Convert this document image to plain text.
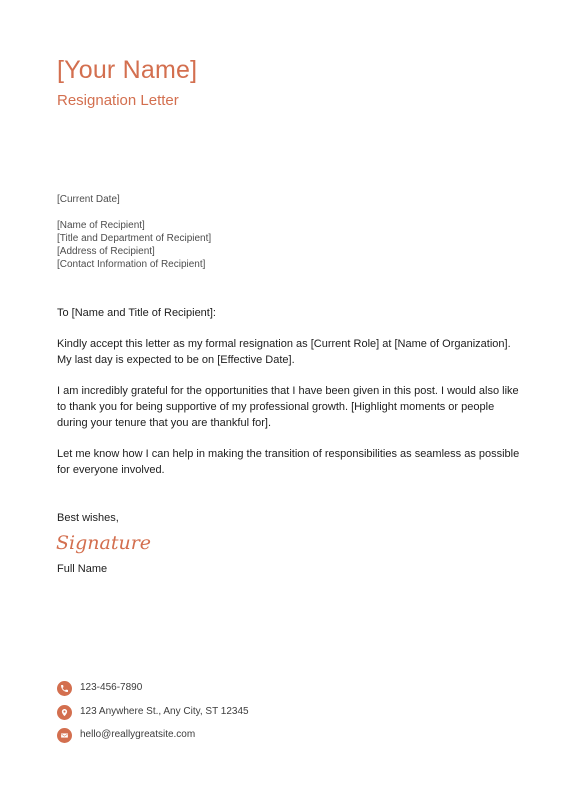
[Your Name]
Resignation Letter
[Current Date]
[Name of Recipient]
[Title and Department of Recipient]
[Address of Recipient]
[Contact Information of Recipient]
To [Name and Title of Recipient]:
Kindly accept this letter as my formal resignation as [Current Role] at [Name of Organization]. My last day is expected to be on [Effective Date].
I am incredibly grateful for the opportunities that I have been given in this post. I would also like to thank you for being supportive of my professional growth. [Highlight moments or people during your tenure that you are thankful for].
Let me know how I can help in making the transition of responsibilities as seamless as possible for everyone involved.
Best wishes,
Signature
Full Name
123-456-7890
123 Anywhere St., Any City, ST 12345
hello@reallygreatsite.com
